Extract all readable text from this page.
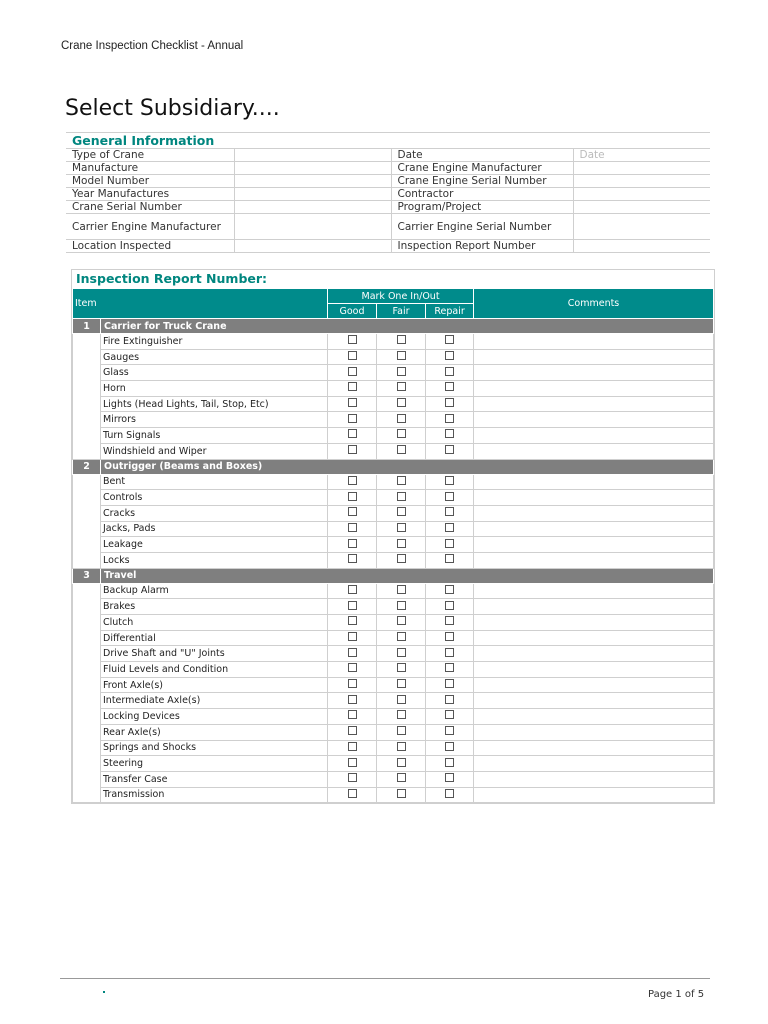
Crane Inspection Checklist - Annual
Select Subsidiary....
General Information
Type of Crane		Date	Date
Manufacture		Crane Engine Manufacturer	
Model Number		Crane Engine Serial Number	
Year Manufactures		Contractor	
Crane Serial Number		Program/Project	
Carrier Engine Manufacturer		Carrier Engine Serial Number	
Location Inspected		Inspection Report Number	
Inspection Report Number:
Item		Mark One In/Out			Comments
		Good	Fair	Repair	
1	Carrier for Truck Crane				
	Fire Extinguisher				
	Gauges				
	Glass				
	Horn				
	Lights (Head Lights, Tail, Stop, Etc)				
	Mirrors				
	Turn Signals				
	Windshield and Wiper				
2	Outrigger (Beams and Boxes)				
	Bent				
	Controls				
	Cracks				
	Jacks, Pads				
	Leakage				
	Locks				
3	Travel				
	Backup Alarm				
	Brakes				
	Clutch				
	Differential				
	Drive Shaft and "U" Joints				
	Fluid Levels and Condition				
	Front Axle(s)				
	Intermediate Axle(s)				
	Locking Devices				
	Rear Axle(s)				
	Springs and Shocks				
	Steering				
	Transfer Case				
	Transmission				
Page 1 of 5
